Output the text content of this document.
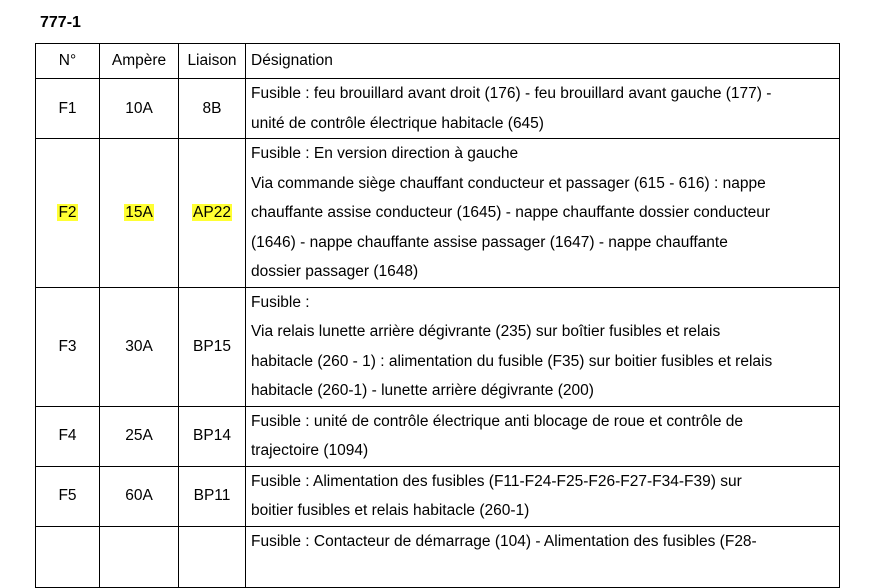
777-1
N°	Ampère	Liaison	Désignation
F1	10A	8B	Fusible : feu brouillard avant droit (176) - feu brouillard avant gauche (177) -
unité de contrôle électrique habitacle (645)

F2	15A	AP22	Fusible : En version direction à gauche
Via commande siège chauffant conducteur et passager (615 - 616) : nappe
chauffante assise conducteur (1645) - nappe chauffante dossier conducteur
(1646) - nappe chauffante assise passager (1647) - nappe chauffante
dossier passager (1648)

F3	30A	BP15	Fusible :
Via relais lunette arrière dégivrante (235) sur boîtier fusibles et relais
habitacle (260 - 1) : alimentation du fusible (F35) sur boitier fusibles et relais
habitacle (260-1) - lunette arrière dégivrante (200)

F4	25A	BP14	Fusible : unité de contrôle électrique anti blocage de roue et contrôle de
trajectoire (1094)

F5	60A	BP11	Fusible : Alimentation des fusibles (F11-F24-F25-F26-F27-F34-F39) sur
boitier fusibles et relais habitacle (260-1)

			Fusible : Contacteur de démarrage (104) - Alimentation des fusibles (F28-
